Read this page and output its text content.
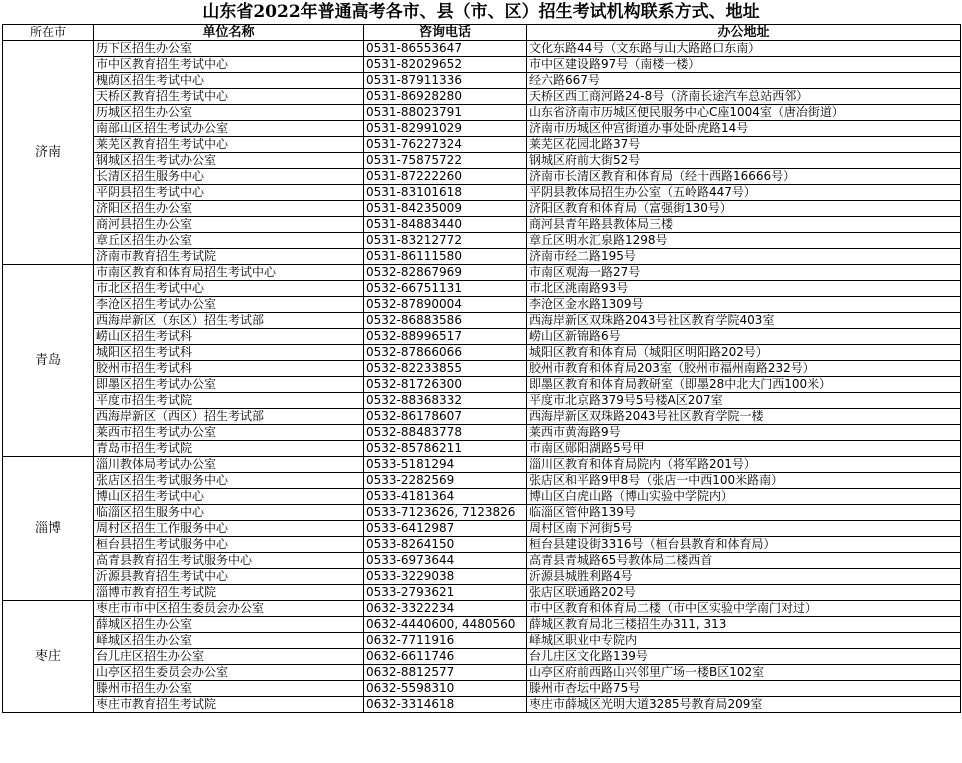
山东省2022年普通高考各市、县（市、区）招生考试机构联系方式、地址
所在市	单位名称	咨询电话	办公地址
济南	历下区招生办公室	0531-86553647	文化东路44号（文东路与山大路路口东南）
	市中区教育招生考试中心	0531-82029652	市中区建设路97号（南楼一楼）
	槐荫区招生考试中心	0531-87911336	经六路667号
	天桥区教育招生考试中心	0531-86928280	天桥区西工商河路24-8号（济南长途汽车总站西邻）
	历城区招生办公室	0531-88023791	山东省济南市历城区便民服务中心C座1004室（唐冶街道）
	南部山区招生考试办公室	0531-82991029	济南市历城区仲宫街道办事处卧虎路14号
	莱芜区教育招生考试中心	0531-76227324	莱芜区花园北路37号
	钢城区招生考试办公室	0531-75875722	钢城区府前大街52号
	长清区招生服务中心	0531-87222260	济南市长清区教育和体育局（经十西路16666号）
	平阴县招生考试中心	0531-83101618	平阴县教体局招生办公室（五岭路447号）
	济阳区招生办公室	0531-84235009	济阳区教育和体育局（富强街130号）
	商河县招生办公室	0531-84883440	商河县青年路县教体局三楼
	章丘区招生办公室	0531-83212772	章丘区明水汇泉路1298号
	济南市教育招生考试院	0531-86111580	济南市经二路195号
青岛	市南区教育和体育局招生考试中心	0532-82867969	市南区观海一路27号
	市北区招生考试中心	0532-66751131	市北区洮南路93号
	李沧区招生考试办公室	0532-87890004	李沧区金水路1309号
	西海岸新区（东区）招生考试部	0532-86883586	西海岸新区双珠路2043号社区教育学院403室
	崂山区招生考试科	0532-88996517	崂山区新锦路6号
	城阳区招生考试科	0532-87866066	城阳区教育和体育局（城阳区明阳路202号）
	胶州市招生考试科	0532-82233855	胶州市教育和体育局203室（胶州市福州南路232号）
	即墨区招生考试办公室	0532-81726300	即墨区教育和体育局教研室（即墨28中北大门西100米）
	平度市招生考试院	0532-88368332	平度市北京路379号5号楼A区207室
	西海岸新区（西区）招生考试部	0532-86178607	西海岸新区双珠路2043号社区教育学院一楼
	莱西市招生考试办公室	0532-88483778	莱西市黄海路9号
	青岛市招生考试院	0532-85786211	市南区郧阳湖路5号甲
淄博	淄川教体局考试办公室	0533-5181294	淄川区教育和体育局院内（将军路201号）
	张店区招生考试服务中心	0533-2282569	张店区和平路9甲8号（张店一中西100米路南）
	博山区招生考试中心	0533-4181364	博山区白虎山路（博山实验中学院内）
	临淄区招生服务中心	0533-7123626, 7123826	临淄区管仲路139号
	周村区招生工作服务中心	0533-6412987	周村区南下河街5号
	桓台县招生考试服务中心	0533-8264150	桓台县建设街3316号（桓台县教育和体育局）
	高青县教育招生考试服务中心	0533-6973644	高青县青城路65号教体局二楼西首
	沂源县教育招生考试中心	0533-3229038	沂源县城胜利路4号
	淄博市教育招生考试院	0533-2793621	张店区联通路202号
枣庄	枣庄市市中区招生委员会办公室	0632-3322234	市中区教育和体育局二楼（市中区实验中学南门对过）
	薛城区招生办公室	0632-4440600, 4480560	薛城区教育局北三楼招生办311, 313
	峄城区招生办公室	0632-7711916	峄城区职业中专院内
	台儿庄区招生办公室	0632-6611746	台儿庄区文化路139号
	山亭区招生委员会办公室	0632-8812577	山亭区府前西路山兴邻里广场一楼B区102室
	滕州市招生办公室	0632-5598310	滕州市杏坛中路75号
	枣庄市教育招生考试院	0632-3314618	枣庄市薛城区光明大道3285号教育局209室
